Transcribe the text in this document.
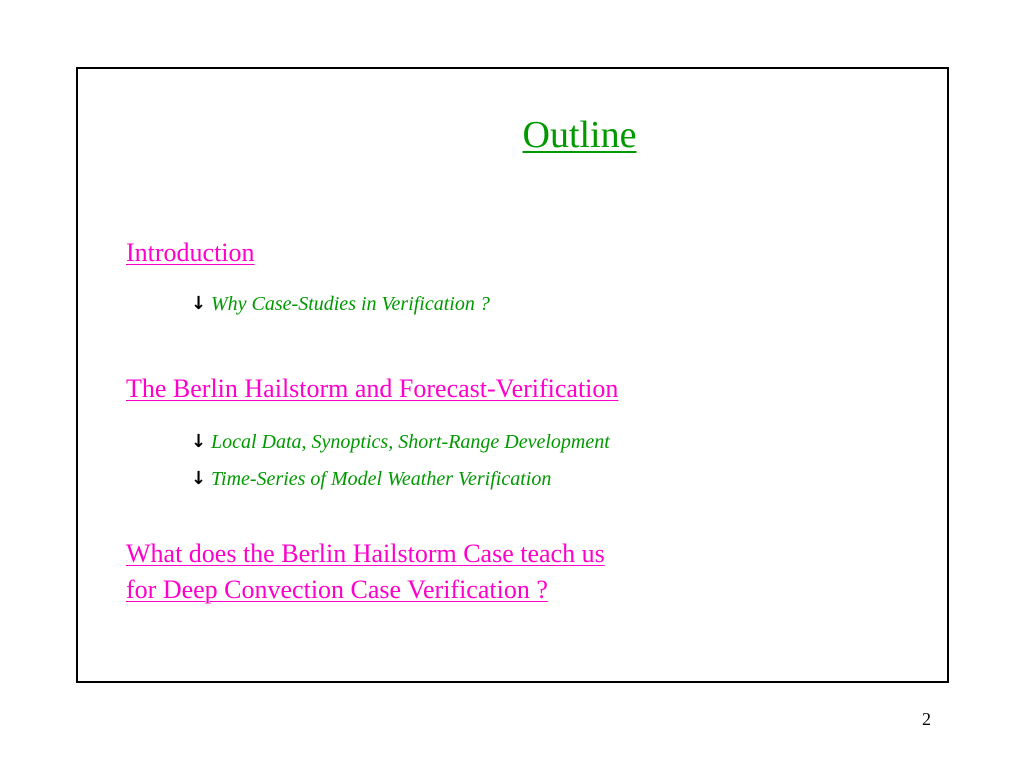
Outline
Introduction
↓ Why Case-Studies in Verification ?
The Berlin Hailstorm and Forecast-Verification
↓ Local Data, Synoptics, Short-Range Development
↓ Time-Series of Model Weather Verification
What does the Berlin Hailstorm Case teach us
for Deep Convection Case Verification ?
2
